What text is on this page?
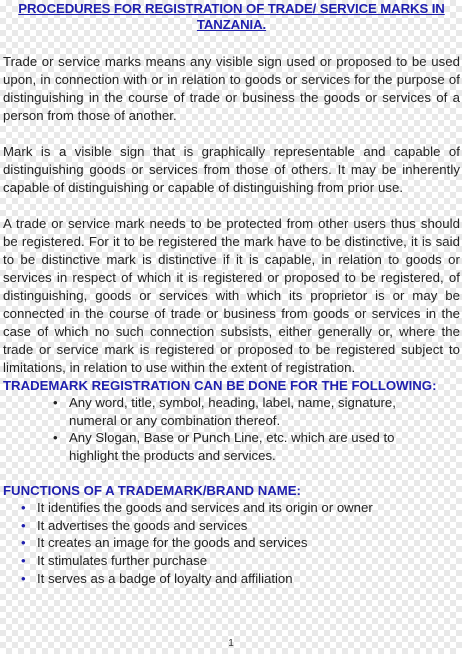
PROCEDURES FOR REGISTRATION OF TRADE/ SERVICE MARKS IN TANZANIA.

Trade or service marks means any visible sign used or proposed to be used upon, in connection with or in relation to goods or services for the purpose of distinguishing in the course of trade or business the goods or services of a person from those of another.

Mark is a visible sign that is graphically representable and capable of distinguishing goods or services from those of others. It may be inherently capable of distinguishing or capable of distinguishing from prior use.

A trade or service mark needs to be protected from other users thus should be registered. For it to be registered the mark have to be distinctive, it is said to be distinctive mark is distinctive if it is capable, in relation to goods or services in respect of which it is registered or proposed to be registered, of distinguishing, goods or services with which its proprietor is or may be connected in the course of trade or business from goods or services in the case of which no such connection subsists, either generally or, where the trade or service mark is registered or proposed to be registered subject to limitations, in relation to use within the extent of registration.

TRADEMARK REGISTRATION CAN BE DONE FOR THE FOLLOWING:
• Any word, title, symbol, heading, label, name, signature, numeral or any combination thereof.
• Any Slogan, Base or Punch Line, etc. which are used to highlight the products and services.
FUNCTIONS OF A TRADEMARK/BRAND NAME:
• It identifies the goods and services and its origin or owner
• It advertises the goods and services
• It creates an image for the goods and services
• It stimulates further purchase
• It serves as a badge of loyalty and affiliation
1
